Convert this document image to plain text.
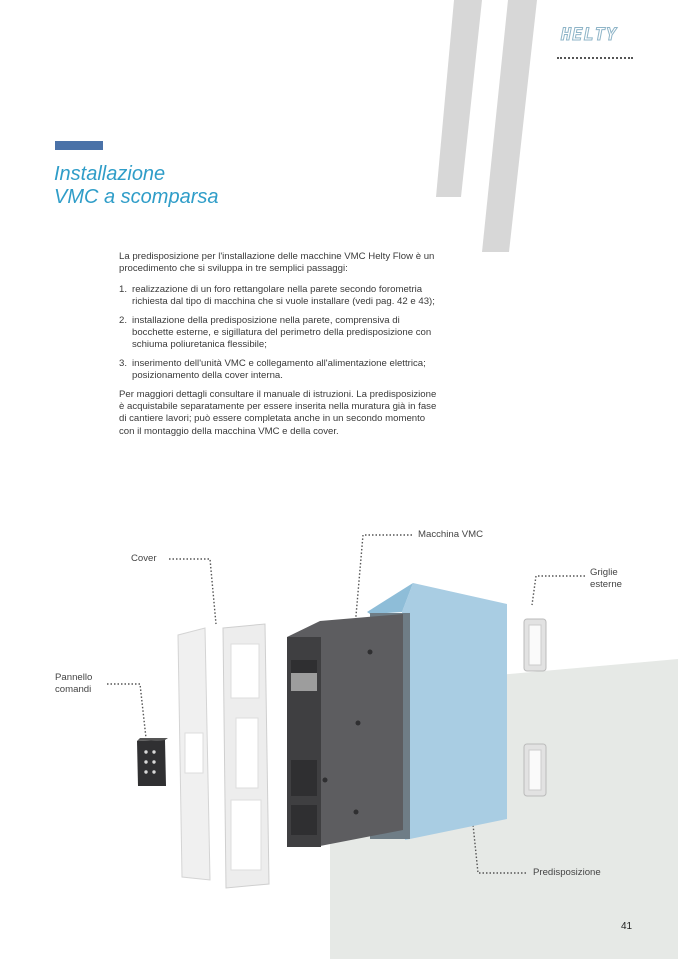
HELTY
Installazione
VMC a scomparsa

La predisposizione per l'installazione delle macchine VMC Helty Flow è un procedimento che si sviluppa in tre semplici passaggi:

1. realizzazione di un foro rettangolare nella parete secondo forometria richiesta dal tipo di macchina che si vuole installare (vedi pag. 42 e 43);
2. installazione della predisposizione nella parete, comprensiva di bocchette esterne, e sigillatura del perimetro della predisposizione con schiuma poliuretanica flessibile;
3. inserimento dell'unità VMC e collegamento all'alimentazione elettrica; posizionamento della cover interna.

Per maggiori dettagli consultare il manuale di istruzioni. La predisposizione è acquistabile separatamente per essere inserita nella muratura già in fase di cantiere lavori; può essere completata anche in un secondo momento con il montaggio della macchina VMC e della cover.

Macchina VMC
Cover
Griglie
esterne
Pannello
comandi
Predisposizione
41
